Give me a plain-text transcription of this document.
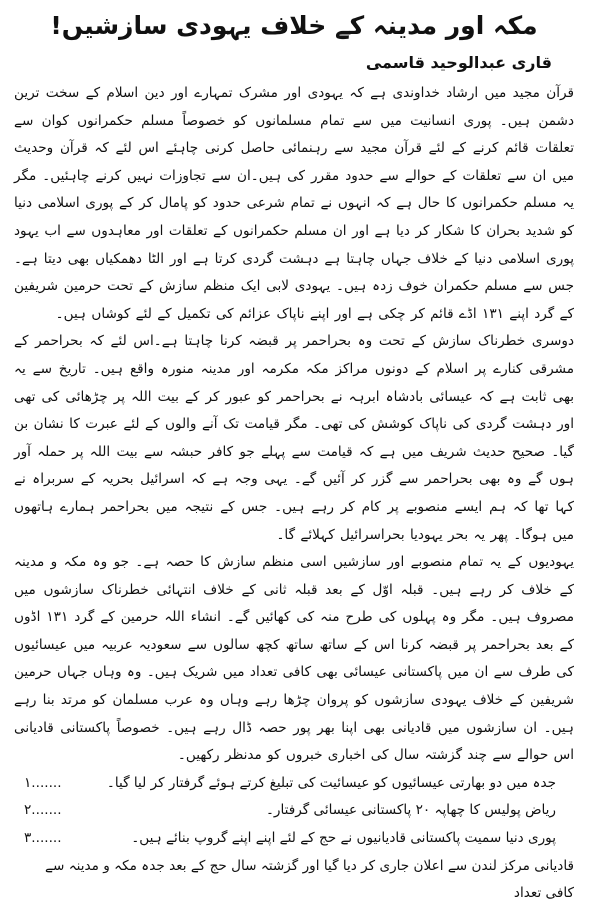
مکہ اور مدینہ کے خلاف یہودی سازشیں!
قاری عبدالوحید قاسمی

قرآن مجید میں ارشاد خداوندی ہے کہ یہودی اور مشرک تمہارے اور دین اسلام کے سخت ترین دشمن ہیں۔ پوری انسانیت میں سے تمام مسلمانوں کو خصوصاً مسلم حکمرانوں کوان سے تعلقات قائم کرنے کے لئے قرآن مجید سے رہنمائی حاصل کرنی چاہئے اس لئے کہ قرآن وحدیث میں ان سے تعلقات کے حوالے سے حدود مقرر کی ہیں۔ان سے تجاوزات نہیں کرنے چاہئیں۔ مگر یہ مسلم حکمرانوں کا حال ہے کہ انہوں نے تمام شرعی حدود کو پامال کر کے پوری اسلامی دنیا کو شدید بحران کا شکار کر دیا ہے اور ان مسلم حکمرانوں کے تعلقات اور معاہدوں سے اب یہود پوری اسلامی دنیا کے خلاف جہاں چاہتا ہے دہشت گردی کرتا ہے اور الٹا دھمکیاں بھی دیتا ہے۔ جس سے مسلم حکمران خوف زدہ ہیں۔ یہودی لابی ایک منظم سازش کے تحت حرمین شریفین کے گرد اپنے ۱۳۱ اڈے قائم کر چکی ہے اور اپنے ناپاک عزائم کی تکمیل کے لئے کوشاں ہیں۔

دوسری خطرناک سازش کے تحت وہ بحراحمر پر قبضہ کرنا چاہتا ہے۔اس لئے کہ بحراحمر کے مشرقی کنارے پر اسلام کے دونوں مراکز مکہ مکرمہ اور مدینہ منورہ واقع ہیں۔ تاریخ سے یہ بھی ثابت ہے کہ عیسائی بادشاہ ابرہہ نے بحراحمر کو عبور کر کے بیت اللہ پر چڑھائی کی تھی اور دہشت گردی کی ناپاک کوشش کی تھی۔ مگر قیامت تک آنے والوں کے لئے عبرت کا نشان بن گیا۔ صحیح حدیث شریف میں ہے کہ قیامت سے پہلے جو کافر حبشہ سے بیت اللہ پر حملہ آور ہوں گے وہ بھی بحراحمر سے گزر کر آئیں گے۔ یہی وجہ ہے کہ اسرائیل بحریہ کے سربراہ نے کہا تھا کہ ہم ایسے منصوبے پر کام کر رہے ہیں۔ جس کے نتیجہ میں بحراحمر ہمارے ہاتھوں میں ہوگا۔ پھر یہ بحر یہودیا بحراسرائیل کہلائے گا۔

یہودیوں کے یہ تمام منصوبے اور سازشیں اسی منظم سازش کا حصہ ہے۔ جو وہ مکہ و مدینہ کے خلاف کر رہے ہیں۔ قبلہ اوّل کے بعد قبلہ ثانی کے خلاف انتہائی خطرناک سازشوں میں مصروف ہیں۔ مگر وہ پہلوں کی طرح منہ کی کھائیں گے۔ انشاء اللہ حرمین کے گرد ۱۳۱ اڈوں کے بعد بحراحمر پر قبضہ کرنا اس کے ساتھ ساتھ کچھ سالوں سے سعودیہ عربیہ میں عیسائیوں کی طرف سے ان میں پاکستانی عیسائی بھی کافی تعداد میں شریک ہیں۔ وہ وہاں جہاں حرمین شریفین کے خلاف یہودی سازشوں کو پروان چڑھا رہے وہاں وہ عرب مسلمان کو مرتد بنا رہے ہیں۔ ان سازشوں میں قادیانی بھی اپنا بھر پور حصہ ڈال رہے ہیں۔ خصوصاً پاکستانی قادیانی اس حوالے سے چند گزشتہ سال کی اخباری خبروں کو مدنظر رکھیں۔

جدہ میں دو بھارتی عیسائیوں کو عیسائیت کی تبلیغ کرتے ہوئے گرفتار کر لیا گیا۔
۱.......
ریاض پولیس کا چھاپہ ۲۰ پاکستانی عیسائی گرفتار۔
۲.......
پوری دنیا سمیت پاکستانی قادیانیوں نے حج کے لئے اپنے اپنے گروپ بنائے ہیں۔
۳.......

قادیانی مرکز لندن سے اعلان جاری کر دیا گیا اور گزشتہ سال حج کے بعد جدہ مکہ و مدینہ سے کافی تعداد
